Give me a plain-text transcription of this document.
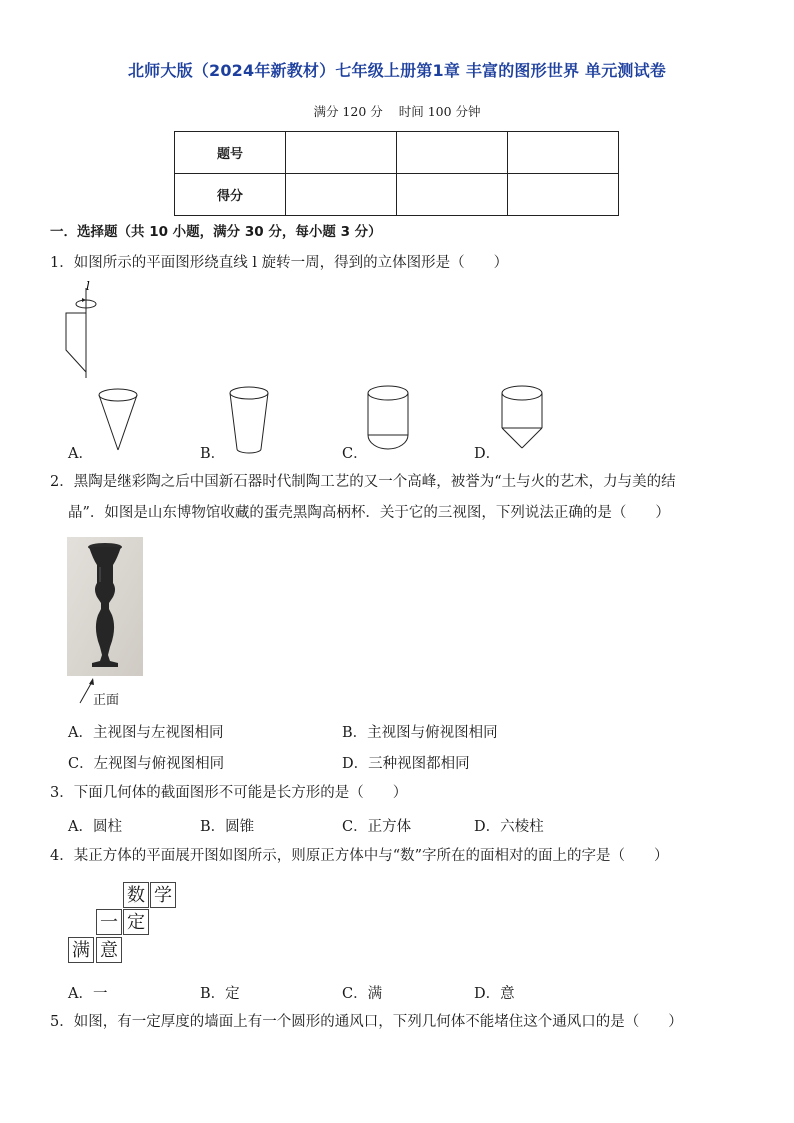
北师大版（2024年新教材）七年级上册第1章 丰富的图形世界 单元测试卷
满分 120 分 时间 100 分钟
题号			
得分			
一．选择题（共 10 小题，满分 30 分，每小题 3 分）
1．如图所示的平面图形绕直线 l 旋转一周，得到的立体图形是（　　）
l
A．	B．	C．	D．
2．黑陶是继彩陶之后中国新石器时代制陶工艺的又一个高峰，被誉为“土与火的艺术，力与美的结
晶”．如图是山东博物馆收藏的蛋壳黑陶高柄杯．关于它的三视图，下列说法正确的是（　　）
正面
A．主视图与左视图相同	B．主视图与俯视图相同
C．左视图与俯视图相同	D．三种视图都相同
3．下面几何体的截面图形不可能是长方形的是（　　）
A．圆柱	B．圆锥	C．正方体	D．六棱柱
4．某正方体的平面展开图如图所示，则原正方体中与“数”字所在的面相对的面上的字是（　　）
数 学
一 定
满 意
A．一	B．定	C．满	D．意
5．如图，有一定厚度的墙面上有一个圆形的通风口，下列几何体不能堵住这个通风口的是（　　）
